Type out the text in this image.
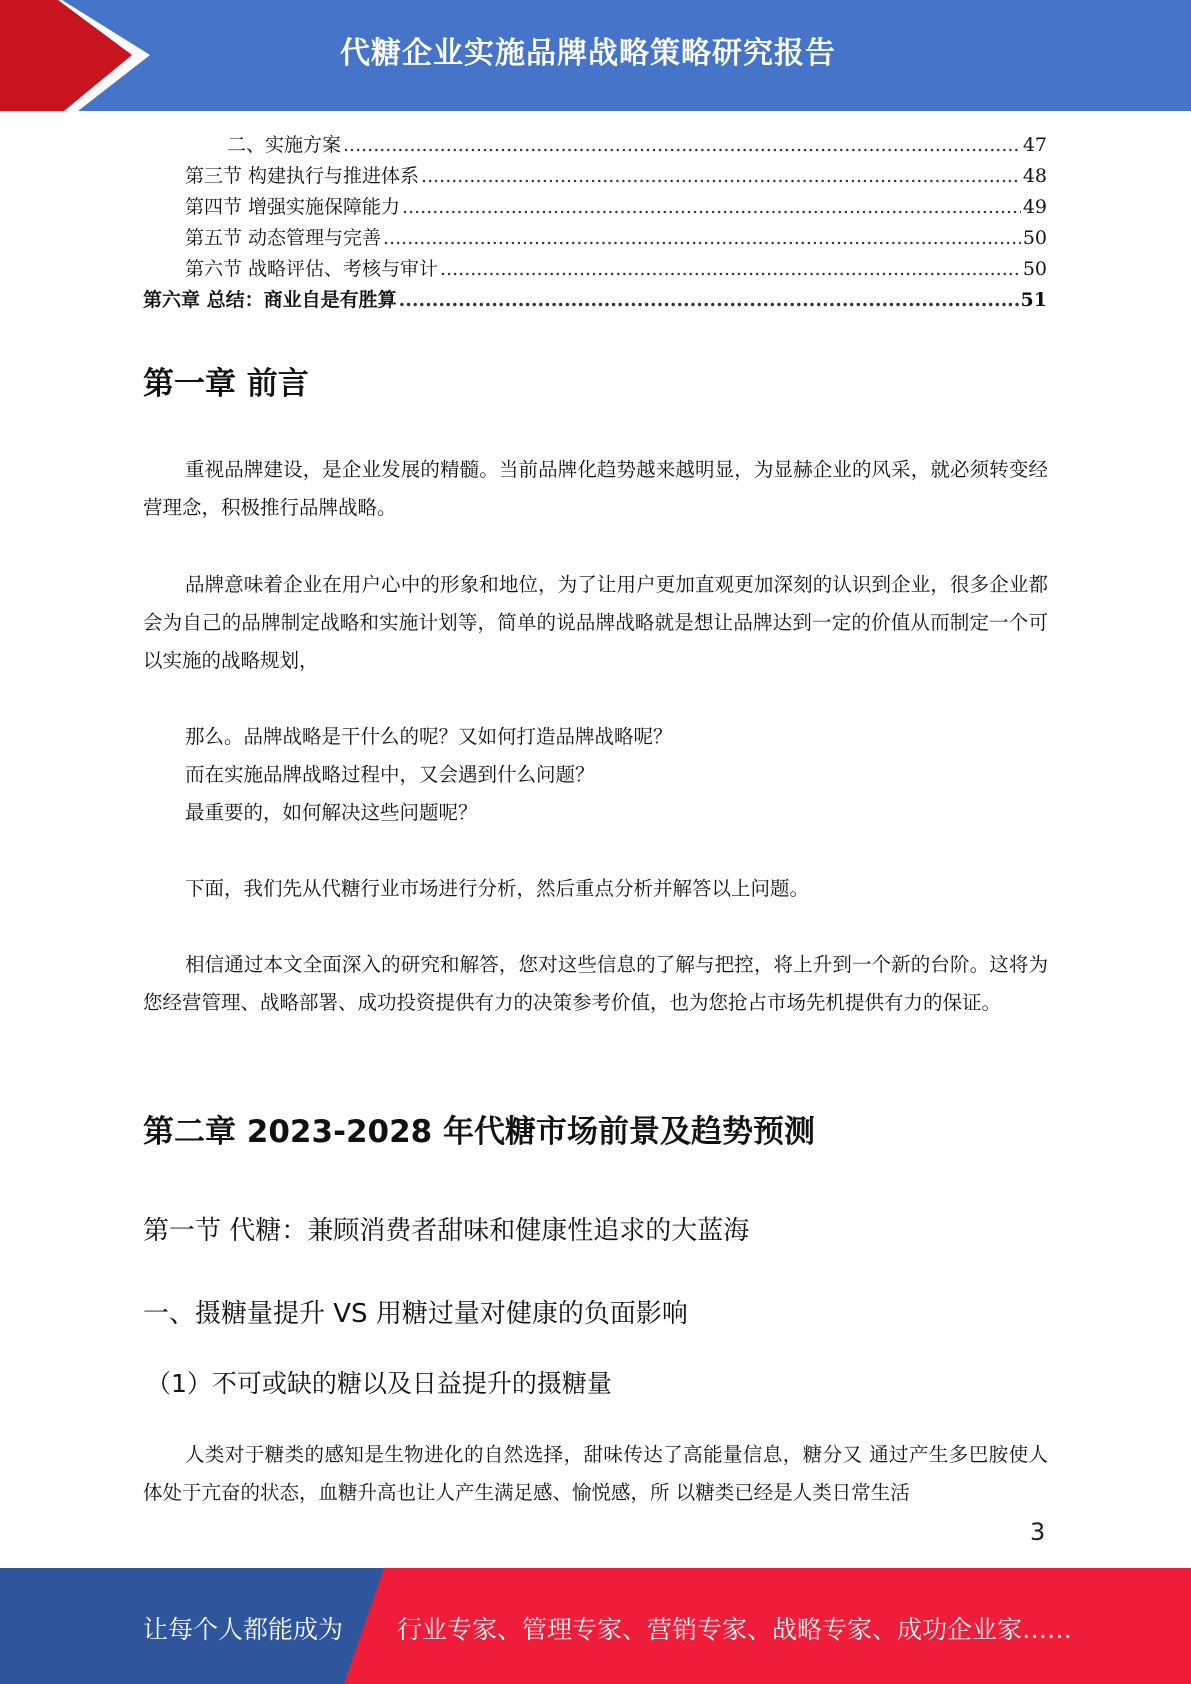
代糖企业实施品牌战略策略研究报告
二、实施方案 .....	47
第三节 构建执行与推进体系 .....	48
第四节 增强实施保障能力 .....	49
第五节 动态管理与完善 .....	50
第六节 战略评估、考核与审计 .....	50
第六章 总结：商业自是有胜算 .....	51
第一章 前言
重视品牌建设，是企业发展的精髓。当前品牌化趋势越来越明显，为显赫企业的风采，就必须转变经营理念，积极推行品牌战略。
品牌意味着企业在用户心中的形象和地位，为了让用户更加直观更加深刻的认识到企业，很多企业都会为自己的品牌制定战略和实施计划等，简单的说品牌战略就是想让品牌达到一定的价值从而制定一个可以实施的战略规划，
那么。品牌战略是干什么的呢？又如何打造品牌战略呢？
而在实施品牌战略过程中，又会遇到什么问题？
最重要的，如何解决这些问题呢？
下面，我们先从代糖行业市场进行分析，然后重点分析并解答以上问题。
相信通过本文全面深入的研究和解答，您对这些信息的了解与把控，将上升到一个新的台阶。这将为您经营管理、战略部署、成功投资提供有力的决策参考价值，也为您抢占市场先机提供有力的保证。
第二章 2023-2028 年代糖市场前景及趋势预测
第一节 代糖：兼顾消费者甜味和健康性追求的大蓝海
一、摄糖量提升 VS 用糖过量对健康的负面影响
（1）不可或缺的糖以及日益提升的摄糖量
人类对于糖类的感知是生物进化的自然选择，甜味传达了高能量信息，糖分又 通过产生多巴胺使人体处于亢奋的状态，血糖升高也让人产生满足感、愉悦感，所 以糖类已经是人类日常生活
3
让每个人都能成为 行业专家、管理专家、营销专家、战略专家、成功企业家……
